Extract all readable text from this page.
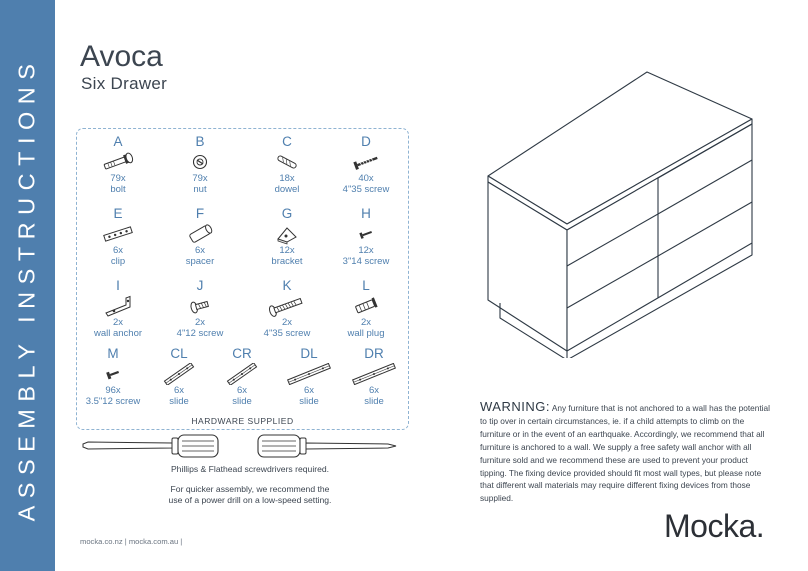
ASSEMBLY INSTRUCTIONS
Avoca
Six Drawer
A
79x
bolt
B
79x
nut
C
18x
dowel
D
40x
4"35 screw
E
6x
clip
F
6x
spacer
G
12x
bracket
H
12x
3"14 screw
I
2x
wall anchor
J
2x
4"12 screw
K
2x
4"35 screw
L
2x
wall plug
M
96x
3.5"12 screw
CL
6x
slide
CR
6x
slide
DL
6x
slide
DR
6x
slide
HARDWARE SUPPLIED

Phillips & Flathead screwdrivers required.

For quicker assembly, we recommend the

use of a power drill on a low-speed setting.

mocka.co.nz | mocka.com.au |
WARNING: Any furniture that is not anchored to a wall has the potential to tip over in certain circumstances, ie. if a child attempts to climb on the furniture or in the event of an earthquake. Accordingly, we recommend that all furniture is anchored to a wall. We supply a free safety wall anchor with all furniture sold and we recommend these are used to prevent your product tipping. The fixing device provided should fit most wall types, but please note that different wall materials may require different fixing devices from those supplied.
Mocka.
